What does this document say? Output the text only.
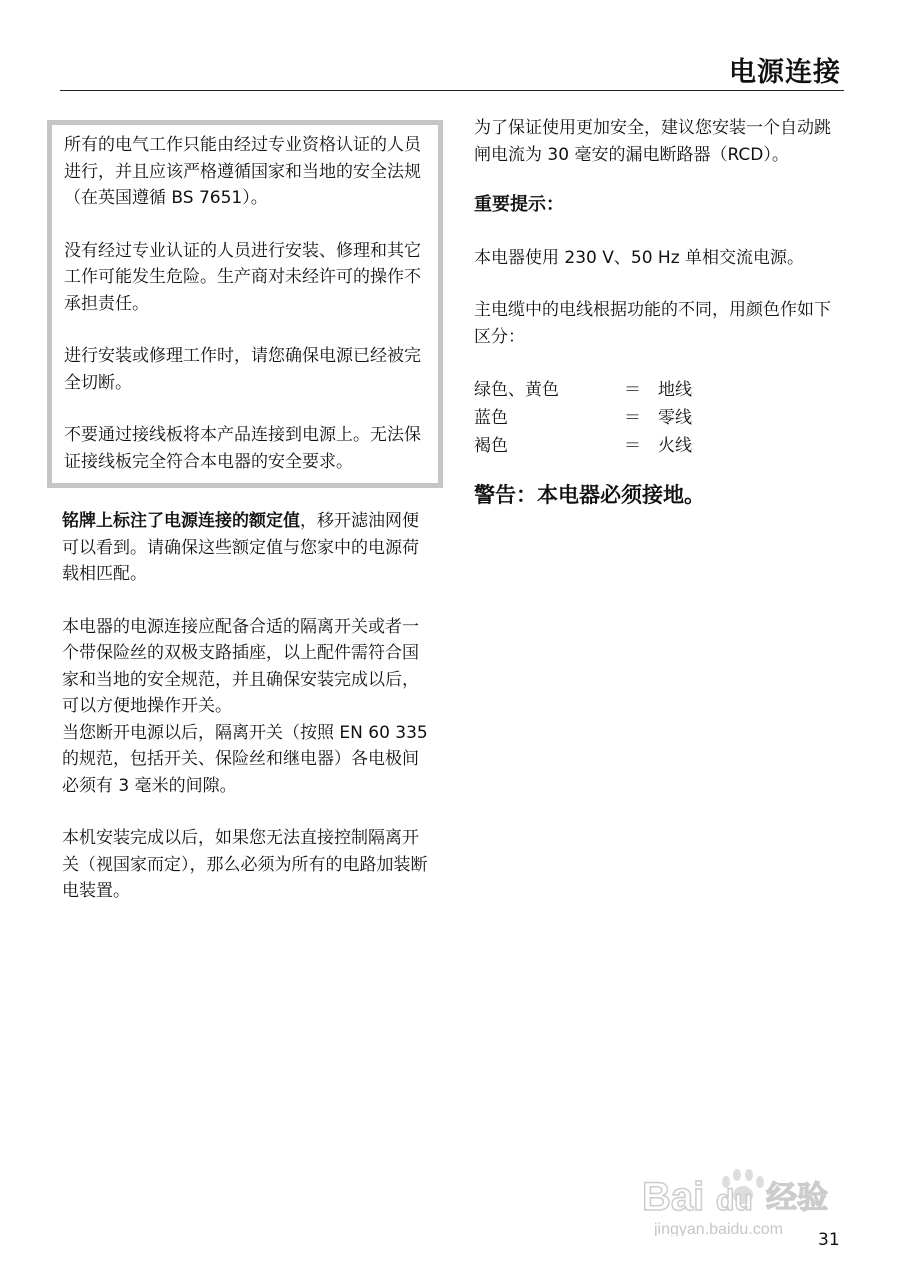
电源连接

所有的电气工作只能由经过专业资格认证的人员进行，并且应该严格遵循国家和当地的安全法规（在英国遵循 BS 7651）。

没有经过专业认证的人员进行安装、修理和其它工作可能发生危险。生产商对未经许可的操作不承担责任。

进行安装或修理工作时，请您确保电源已经被完全切断。

不要通过接线板将本产品连接到电源上。无法保证接线板完全符合本电器的安全要求。

铭牌上标注了电源连接的额定值，移开滤油网便可以看到。请确保这些额定值与您家中的电源荷载相匹配。

本电器的电源连接应配备合适的隔离开关或者一个带保险丝的双极支路插座，以上配件需符合国家和当地的安全规范，并且确保安装完成以后，可以方便地操作开关。

当您断开电源以后，隔离开关（按照 EN 60 335 的规范，包括开关、保险丝和继电器）各电极间必须有 3 毫米的间隙。

本机安装完成以后，如果您无法直接控制隔离开关（视国家而定），那么必须为所有的电路加装断电装置。

为了保证使用更加安全，建议您安装一个自动跳闸电流为 30 毫安的漏电断路器（RCD）。

重要提示：

本电器使用 230 V、50 Hz 单相交流电源。

主电缆中的电线根据功能的不同，用颜色作如下区分：

绿色、黄色	＝	地线
蓝色	＝	零线
褐色	＝	火线

警告：本电器必须接地。

Bai du 经验
jingyan.baidu.com
31
